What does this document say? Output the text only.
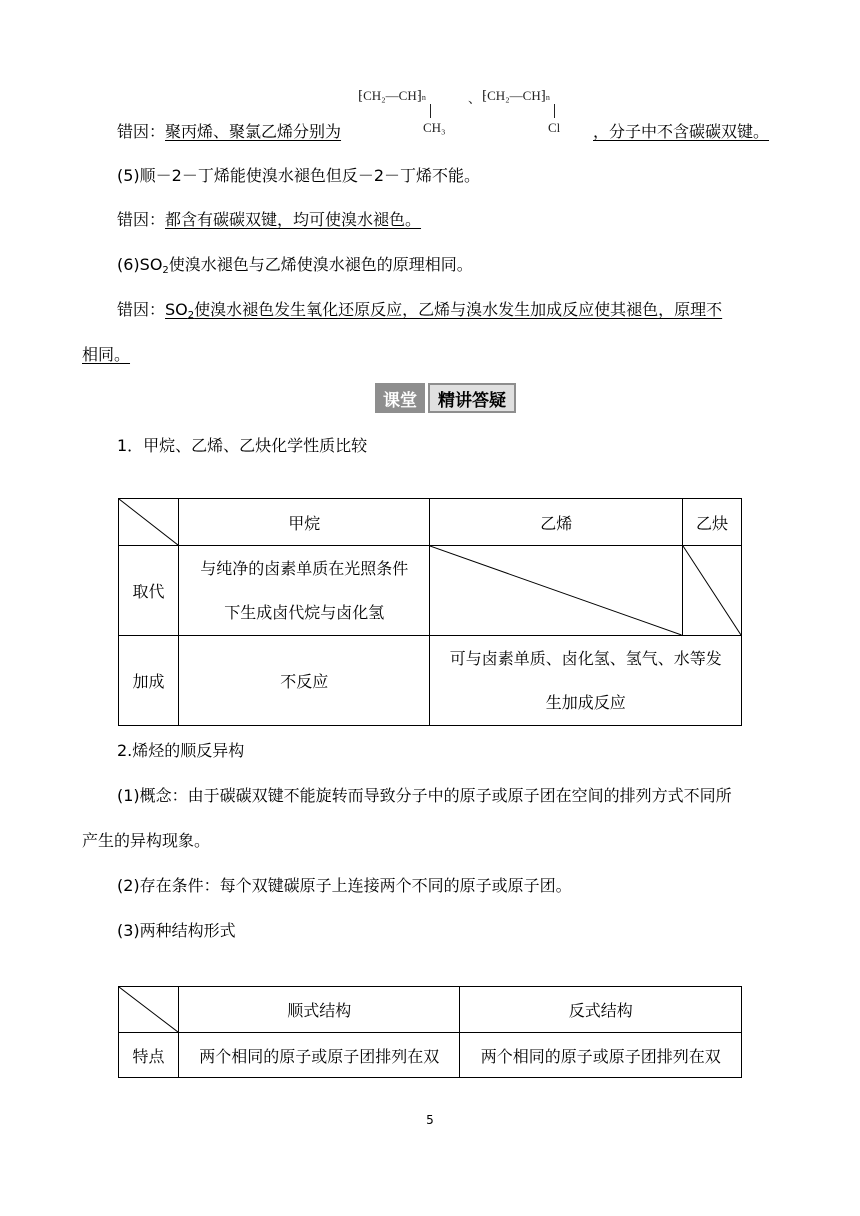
⁅CH₂—CH⁆n	、 ⁅CH₂—CH⁆n
CH₃	Cl
错因：聚丙烯、聚氯乙烯分别为	，分子中不含碳碳双键。
(5)顺－2－丁烯能使溴水褪色但反－2－丁烯不能。
错因：都含有碳碳双键，均可使溴水褪色。
$(6)SO_2$使溴水褪色与乙烯使溴水褪色的原理相同。
错因：$SO_2$使溴水褪色发生氧化还原反应，乙烯与溴水发生加成反应使其褪色，原理不
相同。
课堂	精讲答疑
1．甲烷、乙烯、乙炔化学性质比较
	甲烷	乙烯	乙炔
取代	与纯净的卤素单质在光照条件
下生成卤代烷与卤化氢

加成	不反应	可与卤素单质、卤化氢、氢气、水等发
生加成反应	
2.烯烃的顺反异构
(1)概念：由于碳碳双键不能旋转而导致分子中的原子或原子团在空间的排列方式不同所
产生的异构现象。
(2)存在条件：每个双键碳原子上连接两个不同的原子或原子团。
(3)两种结构形式
	顺式结构	反式结构
特点	两个相同的原子或原子团排列在双	两个相同的原子或原子团排列在双
5
